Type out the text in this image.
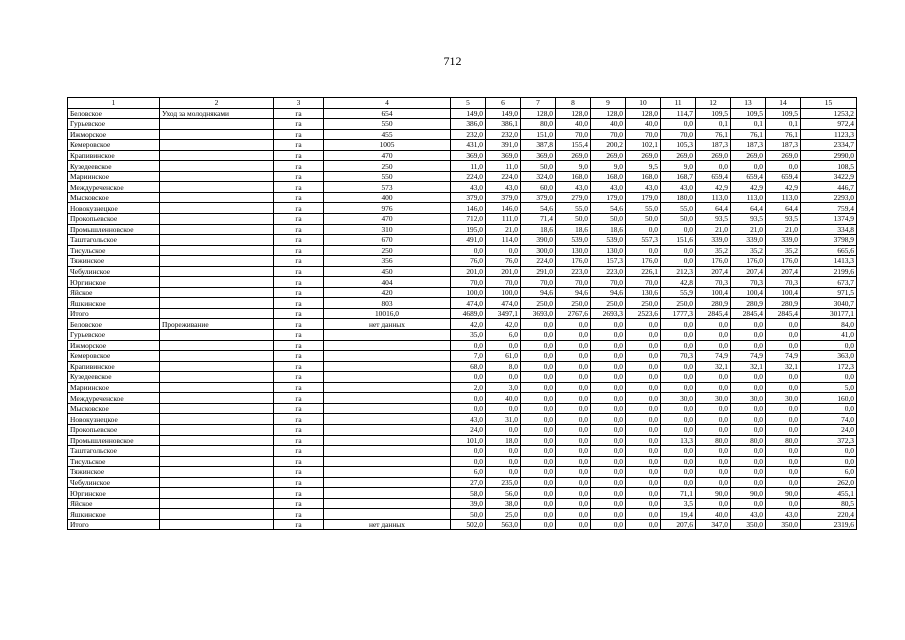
712
1	2	3	4	5	6	7	8	9	10	11	12	13	14	15
Беловское	Уход за молодняками	га	654	149,0	149,0	128,0	128,0	128,0	128,0	114,7	109,5	109,5	109,5	1253,2
Гурьевское		га	550	386,0	386,1	80,0	40,0	40,0	40,0	0,0	0,1	0,1	0,1	972,4
Ижморское		га	455	232,0	232,0	151,0	70,0	70,0	70,0	70,0	76,1	76,1	76,1	1123,3
Кемеровское		га	1005	431,0	391,0	387,8	155,4	200,2	102,1	105,3	187,3	187,3	187,3	2334,7
Крапивинское		га	470	369,0	369,0	369,0	269,0	269,0	269,0	269,0	269,0	269,0	269,0	2990,0
Кузедеевское		га	250	11,0	11,0	50,0	9,0	9,0	9,5	9,0	0,0	0,0	0,0	108,5
Мариинское		га	550	224,0	224,0	324,0	168,0	168,0	168,0	168,7	659,4	659,4	659,4	3422,9
Междуреченское		га	573	43,0	43,0	60,0	43,0	43,0	43,0	43,0	42,9	42,9	42,9	446,7
Мысковское		га	400	379,0	379,0	379,0	279,0	179,0	179,0	180,0	113,0	113,0	113,0	2293,0
Новокузнецкое		га	976	146,0	146,0	54,6	55,0	54,6	55,0	55,0	64,4	64,4	64,4	759,4
Прокопьевское		га	470	712,0	111,0	71,4	50,0	50,0	50,0	50,0	93,5	93,5	93,5	1374,9
Промышленновское		га	310	195,0	21,0	18,6	18,6	18,6	0,0	0,0	21,0	21,0	21,0	334,8
Таштагольское		га	670	491,0	114,0	390,0	539,0	539,0	557,3	151,6	339,0	339,0	339,0	3798,9
Тисульское		га	250	0,0	0,0	300,0	130,0	130,0	0,0	0,0	35,2	35,2	35,2	665,6
Тяжинское		га	356	76,0	76,0	224,0	176,0	157,3	176,0	0,0	176,0	176,0	176,0	1413,3
Чебулинское		га	450	201,0	201,0	291,0	223,0	223,0	226,1	212,3	207,4	207,4	207,4	2199,6
Юргинское		га	404	70,0	70,0	70,0	70,0	70,0	70,0	42,8	70,3	70,3	70,3	673,7
Яйское		га	420	100,0	100,0	94,6	94,6	94,6	130,6	55,9	100,4	100,4	100,4	971,5
Яшкинское		га	803	474,0	474,0	250,0	250,0	250,0	250,0	250,0	280,9	280,9	280,9	3040,7
Итого		га	10016,0	4689,0	3497,1	3693,0	2767,6	2693,3	2523,6	1777,3	2845,4	2845,4	2845,4	30177,1
Беловское	Прореживание	га	нет данных	42,0	42,0	0,0	0,0	0,0	0,0	0,0	0,0	0,0	0,0	84,0
Гурьевское		га		35,0	6,0	0,0	0,0	0,0	0,0	0,0	0,0	0,0	0,0	41,0
Ижморское		га		0,0	0,0	0,0	0,0	0,0	0,0	0,0	0,0	0,0	0,0	0,0
Кемеровское		га		7,0	61,0	0,0	0,0	0,0	0,0	70,3	74,9	74,9	74,9	363,0
Крапивинское		га		68,0	8,0	0,0	0,0	0,0	0,0	0,0	32,1	32,1	32,1	172,3
Кузедеевское		га		0,0	0,0	0,0	0,0	0,0	0,0	0,0	0,0	0,0	0,0	0,0
Мариинское		га		2,0	3,0	0,0	0,0	0,0	0,0	0,0	0,0	0,0	0,0	5,0
Междуреченское		га		0,0	40,0	0,0	0,0	0,0	0,0	30,0	30,0	30,0	30,0	160,0
Мысковское		га		0,0	0,0	0,0	0,0	0,0	0,0	0,0	0,0	0,0	0,0	0,0
Новокузнецкое		га		43,0	31,0	0,0	0,0	0,0	0,0	0,0	0,0	0,0	0,0	74,0
Прокопьевское		га		24,0	0,0	0,0	0,0	0,0	0,0	0,0	0,0	0,0	0,0	24,0
Промышленновское		га		101,0	18,0	0,0	0,0	0,0	0,0	13,3	80,0	80,0	80,0	372,3
Таштагольское		га		0,0	0,0	0,0	0,0	0,0	0,0	0,0	0,0	0,0	0,0	0,0
Тисульское		га		0,0	0,0	0,0	0,0	0,0	0,0	0,0	0,0	0,0	0,0	0,0
Тяжинское		га		6,0	0,0	0,0	0,0	0,0	0,0	0,0	0,0	0,0	0,0	6,0
Чебулинское		га		27,0	235,0	0,0	0,0	0,0	0,0	0,0	0,0	0,0	0,0	262,0
Юргинское		га		58,0	56,0	0,0	0,0	0,0	0,0	71,1	90,0	90,0	90,0	455,1
Яйское		га		39,0	38,0	0,0	0,0	0,0	0,0	3,5	0,0	0,0	0,0	80,5
Яшкинское		га		50,0	25,0	0,0	0,0	0,0	0,0	19,4	40,0	43,0	43,0	220,4
Итого		га	нет данных	502,0	563,0	0,0	0,0	0,0	0,0	207,6	347,0	350,0	350,0	2319,6
